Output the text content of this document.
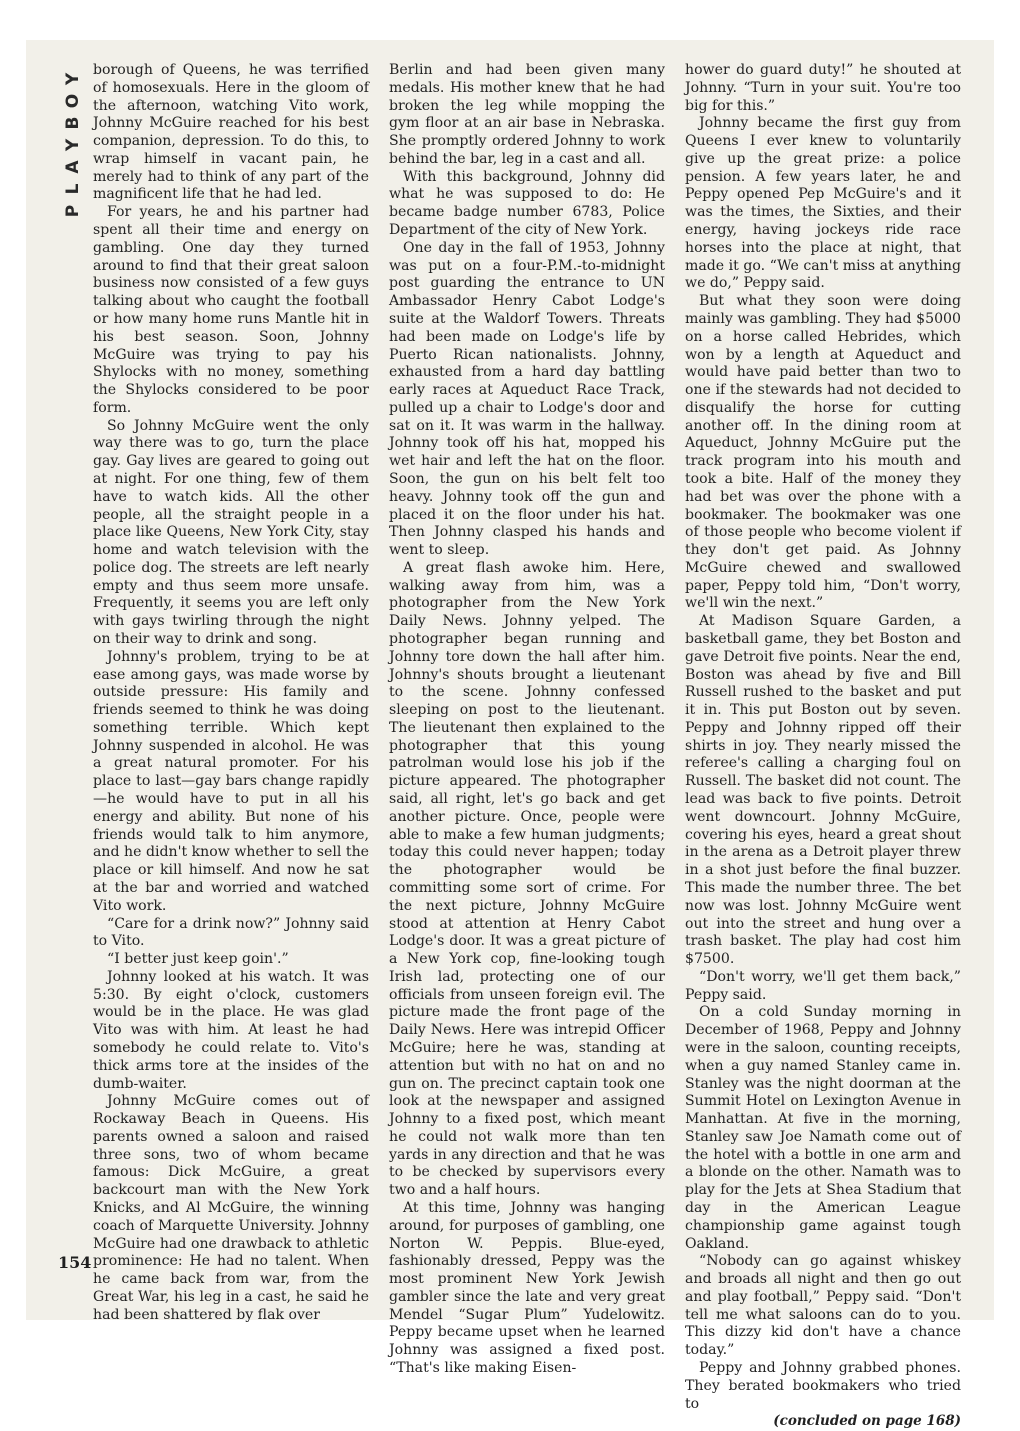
Y
O
B
Y
A
L
P

borough of Queens, he was terrified of homosexuals. Here in the gloom of the afternoon, watching Vito work, Johnny McGuire reached for his best companion, depression. To do this, to wrap himself in vacant pain, he merely had to think of any part of the magnificent life that he had led.

For years, he and his partner had spent all their time and energy on gambling. One day they turned around to find that their great saloon business now consisted of a few guys talking about who caught the football or how many home runs Mantle hit in his best season. Soon, Johnny McGuire was trying to pay his Shylocks with no money, something the Shylocks considered to be poor form.

So Johnny McGuire went the only way there was to go, turn the place gay. Gay lives are geared to going out at night. For one thing, few of them have to watch kids. All the other people, all the straight people in a place like Queens, New York City, stay home and watch television with the police dog. The streets are left nearly empty and thus seem more unsafe. Frequently, it seems you are left only with gays twirling through the night on their way to drink and song.

Johnny's problem, trying to be at ease among gays, was made worse by outside pressure: His family and friends seemed to think he was doing something terrible. Which kept Johnny suspended in alcohol. He was a great natural promoter. For his place to last—gay bars change rapidly—he would have to put in all his energy and ability. But none of his friends would talk to him anymore, and he didn't know whether to sell the place or kill himself. And now he sat at the bar and worried and watched Vito work.

“Care for a drink now?” Johnny said to Vito.

“I better just keep goin'.”

Johnny looked at his watch. It was 5:30. By eight o'clock, customers would be in the place. He was glad Vito was with him. At least he had somebody he could relate to. Vito's thick arms tore at the insides of the dumb-waiter.

Johnny McGuire comes out of Rockaway Beach in Queens. His parents owned a saloon and raised three sons, two of whom became famous: Dick McGuire, a great backcourt man with the New York Knicks, and Al McGuire, the winning coach of Marquette University. Johnny McGuire had one drawback to athletic prominence: He had no talent. When he came back from war, from the Great War, his leg in a cast, he said he had been shattered by flak over

Berlin and had been given many medals. His mother knew that he had broken the leg while mopping the gym floor at an air base in Nebraska. She promptly ordered Johnny to work behind the bar, leg in a cast and all.

With this background, Johnny did what he was supposed to do: He became badge number 6783, Police Department of the city of New York.

One day in the fall of 1953, Johnny was put on a four-P.M.-to-midnight post guarding the entrance to UN Ambassador Henry Cabot Lodge's suite at the Waldorf Towers. Threats had been made on Lodge's life by Puerto Rican nationalists. Johnny, exhausted from a hard day battling early races at Aqueduct Race Track, pulled up a chair to Lodge's door and sat on it. It was warm in the hallway. Johnny took off his hat, mopped his wet hair and left the hat on the floor. Soon, the gun on his belt felt too heavy. Johnny took off the gun and placed it on the floor under his hat. Then Johnny clasped his hands and went to sleep.

A great flash awoke him. Here, walking away from him, was a photographer from the New York Daily News. Johnny yelped. The photographer began running and Johnny tore down the hall after him. Johnny's shouts brought a lieutenant to the scene. Johnny confessed sleeping on post to the lieutenant. The lieutenant then explained to the photographer that this young patrolman would lose his job if the picture appeared. The photographer said, all right, let's go back and get another picture. Once, people were able to make a few human judgments; today this could never happen; today the photographer would be committing some sort of crime. For the next picture, Johnny McGuire stood at attention at Henry Cabot Lodge's door. It was a great picture of a New York cop, fine-looking tough Irish lad, protecting one of our officials from unseen foreign evil. The picture made the front page of the Daily News. Here was intrepid Officer McGuire; here he was, standing at attention but with no hat on and no gun on. The precinct captain took one look at the newspaper and assigned Johnny to a fixed post, which meant he could not walk more than ten yards in any direction and that he was to be checked by supervisors every two and a half hours.

At this time, Johnny was hanging around, for purposes of gambling, one Norton W. Peppis. Blue-eyed, fashionably dressed, Peppy was the most prominent New York Jewish gambler since the late and very great Mendel “Sugar Plum” Yudelowitz. Peppy became upset when he learned Johnny was assigned a fixed post. “That's like making Eisen-

hower do guard duty!” he shouted at Johnny. “Turn in your suit. You're too big for this.”

Johnny became the first guy from Queens I ever knew to voluntarily give up the great prize: a police pension. A few years later, he and Peppy opened Pep McGuire's and it was the times, the Sixties, and their energy, having jockeys ride race horses into the place at night, that made it go. “We can't miss at anything we do,” Peppy said.

But what they soon were doing mainly was gambling. They had $5000 on a horse called Hebrides, which won by a length at Aqueduct and would have paid better than two to one if the stewards had not decided to disqualify the horse for cutting another off. In the dining room at Aqueduct, Johnny McGuire put the track program into his mouth and took a bite. Half of the money they had bet was over the phone with a bookmaker. The bookmaker was one of those people who become violent if they don't get paid. As Johnny McGuire chewed and swallowed paper, Peppy told him, “Don't worry, we'll win the next.”

At Madison Square Garden, a basketball game, they bet Boston and gave Detroit five points. Near the end, Boston was ahead by five and Bill Russell rushed to the basket and put it in. This put Boston out by seven. Peppy and Johnny ripped off their shirts in joy. They nearly missed the referee's calling a charging foul on Russell. The basket did not count. The lead was back to five points. Detroit went downcourt. Johnny McGuire, covering his eyes, heard a great shout in the arena as a Detroit player threw in a shot just before the final buzzer. This made the number three. The bet now was lost. Johnny McGuire went out into the street and hung over a trash basket. The play had cost him $7500.

“Don't worry, we'll get them back,” Peppy said.

On a cold Sunday morning in December of 1968, Peppy and Johnny were in the saloon, counting receipts, when a guy named Stanley came in. Stanley was the night doorman at the Summit Hotel on Lexington Avenue in Manhattan. At five in the morning, Stanley saw Joe Namath come out of the hotel with a bottle in one arm and a blonde on the other. Namath was to play for the Jets at Shea Stadium that day in the American League championship game against tough Oakland.

“Nobody can go against whiskey and broads all night and then go out and play football,” Peppy said. “Don't tell me what saloons can do to you. This dizzy kid don't have a chance today.”

Peppy and Johnny grabbed phones. They berated bookmakers who tried to

(concluded on page 168)

154
